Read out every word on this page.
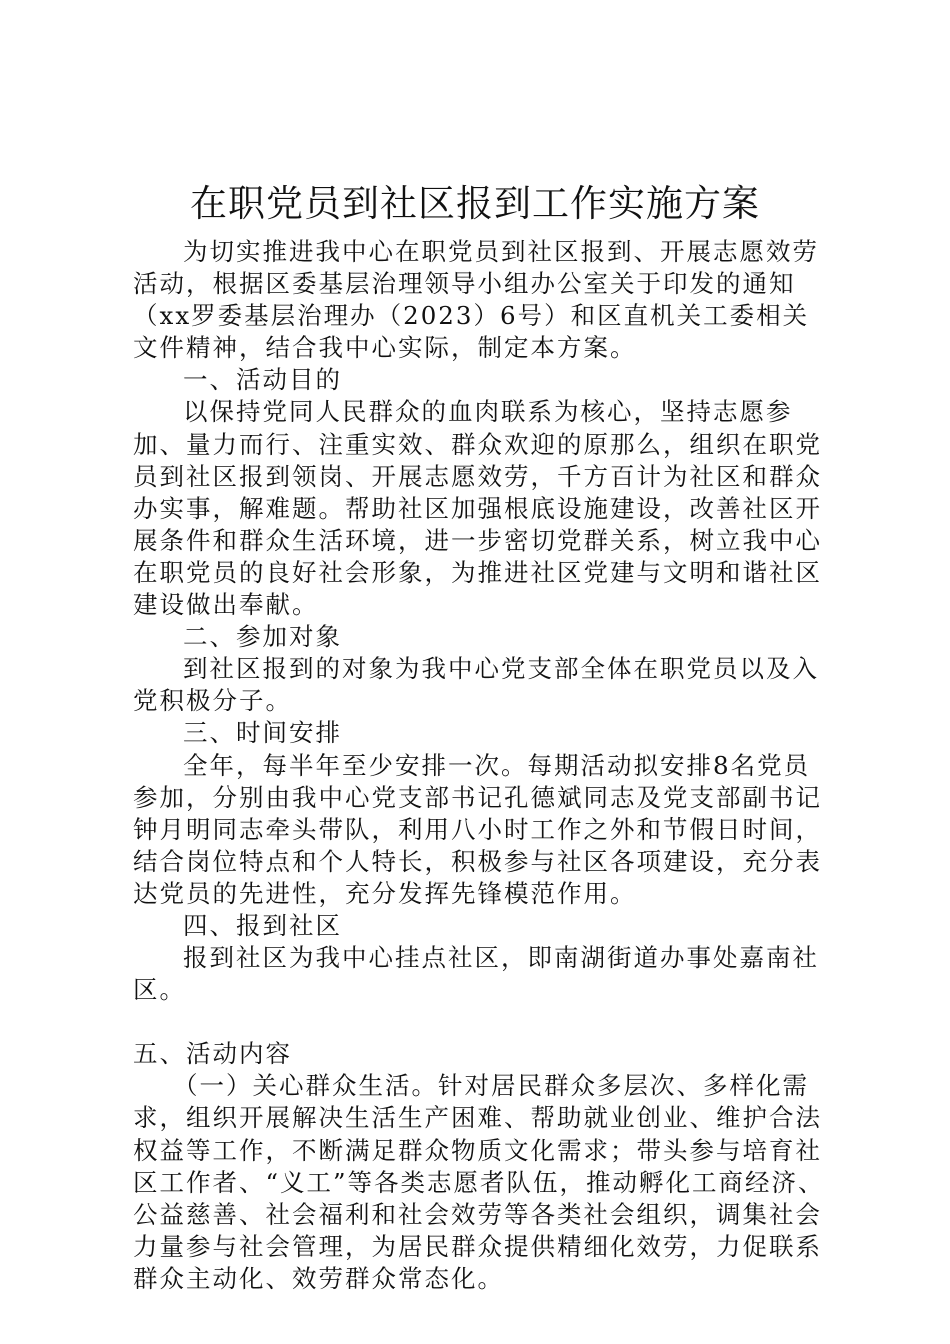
在职党员到社区报到工作实施方案

为切实推进我中心在职党员到社区报到、开展志愿效劳活动，根据区委基层治理领导小组办公室关于印发的通知（xx罗委基层治理办（2023）6号）和区直机关工委相关文件精神，结合我中心实际，制定本方案。

一、活动目的

以保持党同人民群众的血肉联系为核心，坚持志愿参加、量力而行、注重实效、群众欢迎的原那么，组织在职党员到社区报到领岗、开展志愿效劳，千方百计为社区和群众办实事，解难题。帮助社区加强根底设施建设，改善社区开展条件和群众生活环境，进一步密切党群关系，树立我中心在职党员的良好社会形象，为推进社区党建与文明和谐社区建设做出奉献。

二、参加对象

到社区报到的对象为我中心党支部全体在职党员以及入党积极分子。

三、时间安排

全年，每半年至少安排一次。每期活动拟安排8名党员参加，分别由我中心党支部书记孔德斌同志及党支部副书记钟月明同志牵头带队，利用八小时工作之外和节假日时间，结合岗位特点和个人特长，积极参与社区各项建设，充分表达党员的先进性，充分发挥先锋模范作用。

四、报到社区

报到社区为我中心挂点社区，即南湖街道办事处嘉南社区。

五、活动内容

（一）关心群众生活。针对居民群众多层次、多样化需求，组织开展解决生活生产困难、帮助就业创业、维护合法权益等工作，不断满足群众物质文化需求；带头参与培育社区工作者、“义工”等各类志愿者队伍，推动孵化工商经济、公益慈善、社会福利和社会效劳等各类社会组织，调集社会力量参与社会管理，为居民群众提供精细化效劳，力促联系群众主动化、效劳群众常态化。
